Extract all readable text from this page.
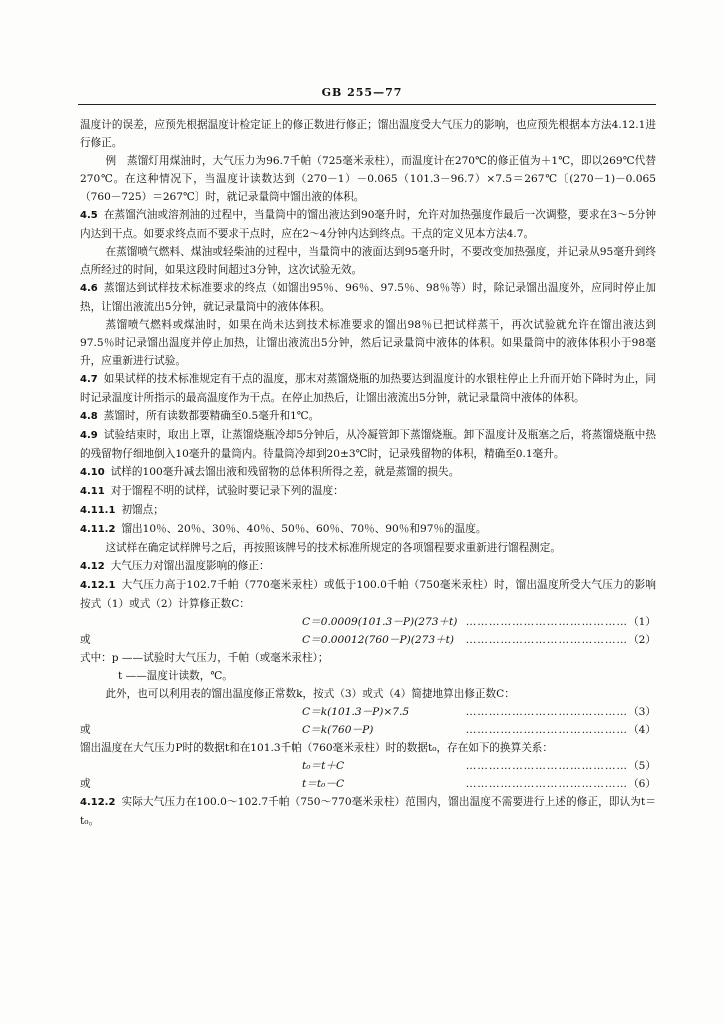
GB 255—77

温度计的误差，应预先根据温度计检定证上的修正数进行修正；馏出温度受大气压力的影响，也应预先根据本方法4.12.1进行修正。

例　蒸馏灯用煤油时，大气压力为96.7千帕（725毫米汞柱），而温度计在270℃的修正值为＋1℃，即以269℃代替270℃。在这种情况下，当温度计读数达到（270－1）－0.065（101.3－96.7）×7.5＝267℃〔(270－1)－0.065（760－725）＝267℃〕时，就记录量筒中馏出液的体积。

4.5 在蒸馏汽油或溶剂油的过程中，当量筒中的馏出液达到90毫升时，允许对加热强度作最后一次调整，要求在3～5分钟内达到干点。如要求终点而不要求干点时，应在2～4分钟内达到终点。干点的定义见本方法4.7。

在蒸馏喷气燃料、煤油或轻柴油的过程中，当量筒中的液面达到95毫升时，不要改变加热强度，并记录从95毫升到终点所经过的时间，如果这段时间超过3分钟，这次试验无效。

4.6 蒸馏达到试样技术标准要求的终点（如馏出95％、96％、97.5％、98％等）时，除记录馏出温度外，应同时停止加热，让馏出液流出5分钟，就记录量筒中的液体体积。

蒸馏喷气燃料或煤油时，如果在尚未达到技术标准要求的馏出98％已把试样蒸干，再次试验就允许在馏出液达到97.5％时记录馏出温度并停止加热，让馏出液流出5分钟，然后记录量筒中液体的体积。如果量筒中的液体体积小于98毫升，应重新进行试验。

4.7 如果试样的技术标准规定有干点的温度，那末对蒸馏烧瓶的加热要达到温度计的水银柱停止上升而开始下降时为止，同时记录温度计所指示的最高温度作为干点。在停止加热后，让馏出液流出5分钟，就记录量筒中液体的体积。

4.8 蒸馏时，所有读数都要精确至0.5毫升和1℃。

4.9 试验结束时，取出上罩，让蒸馏烧瓶冷却5分钟后，从冷凝管卸下蒸馏烧瓶。卸下温度计及瓶塞之后，将蒸馏烧瓶中热的残留物仔细地倒入10毫升的量筒内。待量筒冷却到20±3℃时，记录残留物的体积，精确至0.1毫升。

4.10 试样的100毫升减去馏出液和残留物的总体积所得之差，就是蒸馏的损失。

4.11 对于馏程不明的试样，试验时要记录下列的温度：

4.11.1 初馏点；

4.11.2 馏出10％、20％、30％、40％、50％、60％、70％、90％和97％的温度。

这试样在确定试样牌号之后，再按照该牌号的技术标准所规定的各项馏程要求重新进行馏程测定。

4.12 大气压力对馏出温度影响的修正：

4.12.1 大气压力高于102.7千帕（770毫米汞柱）或低于100.0千帕（750毫米汞柱）时，馏出温度所受大气压力的影响按式（1）或式（2）计算修正数C：

C＝0.0009(101.3－P)(273＋t) …………………………………… （1）
或	C＝0.00012(760－P)(273＋t) …………………………………… （2）

式中：p ——试验时大气压力，千帕（或毫米汞柱）；

t ——温度计读数，℃。

此外，也可以利用表的馏出温度修正常数k，按式（3）或式（4）简捷地算出修正数C：

C＝k(101.3－P)×7.5	…………………………………… （3）
或	C＝k(760－P)	…………………………………… （4）

馏出温度在大气压力P时的数据t和在101.3千帕（760毫米汞柱）时的数据t₀，存在如下的换算关系：

t₀＝t＋C	…………………………………… （5）
或	t＝t₀－C	…………………………………… （6）

4.12.2 实际大气压力在100.0～102.7千帕（750～770毫米汞柱）范围内，馏出温度不需要进行上述的修正，即认为t＝t₀。
